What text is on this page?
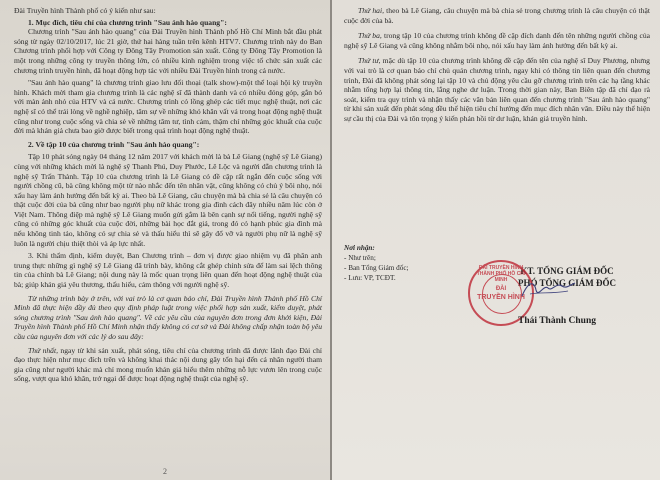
Đài Truyền hình Thành phố có ý kiến như sau:

1. Mục đích, tiêu chí của chương trình "Sau ánh hào quang":

Chương trình "Sau ánh hào quang" của Đài Truyền hình Thành phố Hồ Chí Minh bắt đầu phát sóng từ ngày 02/10/2017, lúc 21 giờ, thứ hai hàng tuần trên kênh HTV7. Chương trình này do Ban Chương trình phối hợp với Công ty Đông Tây Promotion sản xuất. Công ty Đông Tây Promotion là một trong những công ty truyền thông lớn, có nhiều kinh nghiệm trong việc tổ chức sản xuất các chương trình truyền hình, đã hoạt động hợp tác với nhiều Đài Truyền hình trong cả nước.

"Sau ánh hào quang" là chương trình giao lưu đối thoại (talk show)-một thể loại hội kỳ truyền hình. Khách mời tham gia chương trình là các nghệ sĩ đã thành danh và có nhiều đóng góp, gắn bó với màn ảnh nhỏ của HTV và cả nước. Chương trình có lồng ghép các tiết mục nghệ thuật, nơi các nghệ sĩ có thể trải lòng về nghề nghiệp, tâm sự về những khó khăn vất vả trong hoạt động nghệ thuật cũng như trong cuộc sống và chia sẻ về những tâm tư, tình cảm, thậm chí những góc khuất của cuộc đời mà khán giả chưa bao giờ được biết trong quá trình hoạt động nghệ thuật.

2. Về tập 10 của chương trình "Sau ánh hào quang":

Tập 10 phát sóng ngày 04 tháng 12 năm 2017 với khách mời là bà Lê Giang (nghệ sỹ Lê Giang) cùng với những khách mời là nghệ sỹ Thanh Phú, Duy Phước, Lê Lộc và người dẫn chương trình là nghệ sỹ Trấn Thành. Tập 10 của chương trình là Lê Giang có đề cập rất ngắn đến cuộc sống với người chồng cũ, bà cũng không một từ nào nhắc đến tên nhân vật, cũng không có chủ ý bôi nhọ, nói xấu hay làm ảnh hưởng đến bất kỳ ai. Theo bà Lê Giang, câu chuyện mà bà chia sẻ là câu chuyện có thật cuộc đời của bà cũng như bao người phụ nữ khác trong gia đình cách đây nhiều năm lúc còn ở Việt Nam. Thông điệp mà nghệ sỹ Lê Giang muốn gửi gắm là bên cạnh sự nổi tiếng, người nghệ sỹ cũng có những góc khuất của cuộc đời, những bài học đắt giá, trong đó có hạnh phúc gia đình mà nếu không tinh tảo, không có sự chia sẻ và thấu hiểu thì sẽ gây đổ vỡ và người phụ nữ là nghệ sỹ luôn là người chịu thiệt thòi và áp lực nhất.

3. Khi thẩm định, kiểm duyệt, Ban Chương trình – đơn vị được giao nhiệm vụ đã phân anh trung thực những gì nghệ sỹ Lê Giang đã trình bày, không cắt ghép chỉnh sửa để làm sai lệch thông tin của chính bà Lê Giang; nội dung này là mốc quan trọng liên quan đến hoạt động nghệ thuật của bà; giúp khán giả yêu thương, thấu hiểu, cảm thông với người nghệ sỹ.

Từ những trình bày ở trên, với vai trò là cơ quan báo chí, Đài Truyền hình Thành phố Hồ Chí Minh đã thực hiện đầy đủ theo quy định pháp luật trong việc phối hợp sản xuất, kiểm duyệt, phát sóng chương trình "Sau ánh hào quang". Về các yêu cầu của nguyên đơn trong đơn khởi kiện, Đài Truyền hình Thành phố Hồ Chí Minh nhận thấy không có cơ sở và Đài không chấp nhận toàn bộ yêu cầu của nguyên đơn với các lý do sau đây:

Thứ nhất, ngay từ khi sản xuất, phát sóng, tiêu chí của chương trình đã được lãnh đạo Đài chỉ đạo thực hiện như mục đích trên và không khai thác nội dung gây tổn hại đến cá nhân người tham gia cũng như người khác mà chỉ mong muốn khán giả hiểu thêm những nỗ lực vươn lên trong cuộc sống, vượt qua khó khăn, trở ngại để được hoạt động nghệ thuật của nghệ sỹ.

2

Thứ hai, theo bà Lê Giang, câu chuyện mà bà chia sẻ trong chương trình là câu chuyện có thật cuộc đời của bà.

Thứ ba, trong tập 10 của chương trình không đề cập đích danh đến tên những người chồng của nghệ sỹ Lê Giang và cũng không nhằm bôi nhọ, nói xấu hay làm ảnh hưởng đến bất kỳ ai.

Thứ tư, mặc dù tập 10 của chương trình không đề cập đến tên của nghệ sĩ Duy Phương, nhưng với vai trò là cơ quan báo chí chủ quản chương trình, ngay khi có thông tin liên quan đến chương trình, Đài đã không phát sóng lại tập 10 và chủ động yêu cầu gỡ chương trình trên các hạ tầng khác nhằm tổng hợp lại thông tin, lắng nghe dư luận. Trong thời gian này, Ban Biên tập đã chỉ đạo rà soát, kiểm tra quy trình và nhận thấy các văn bản liên quan đến chương trình "Sau ánh hào quang" từ khi sản xuất đến phát sóng đều thể hiện tiêu chí hướng đến mục đích nhân văn. Điều này thể hiện sự cầu thị của Đài và tôn trọng ý kiến phản hồi từ dư luận, khán giả truyền hình.

Nơi nhận:

- Như trên;

- Ban Tổng Giám đốc;

- Lưu: VP, TCĐT.

KT. TỔNG GIÁM ĐỐC
PHÓ TỔNG GIÁM ĐỐC
ĐÀI TRUYỀN HÌNH THÀNH PHỐ HỒ CHÍ MINH
ĐÀI
TRUYỀN HÌNH
Thái Thành Chung
